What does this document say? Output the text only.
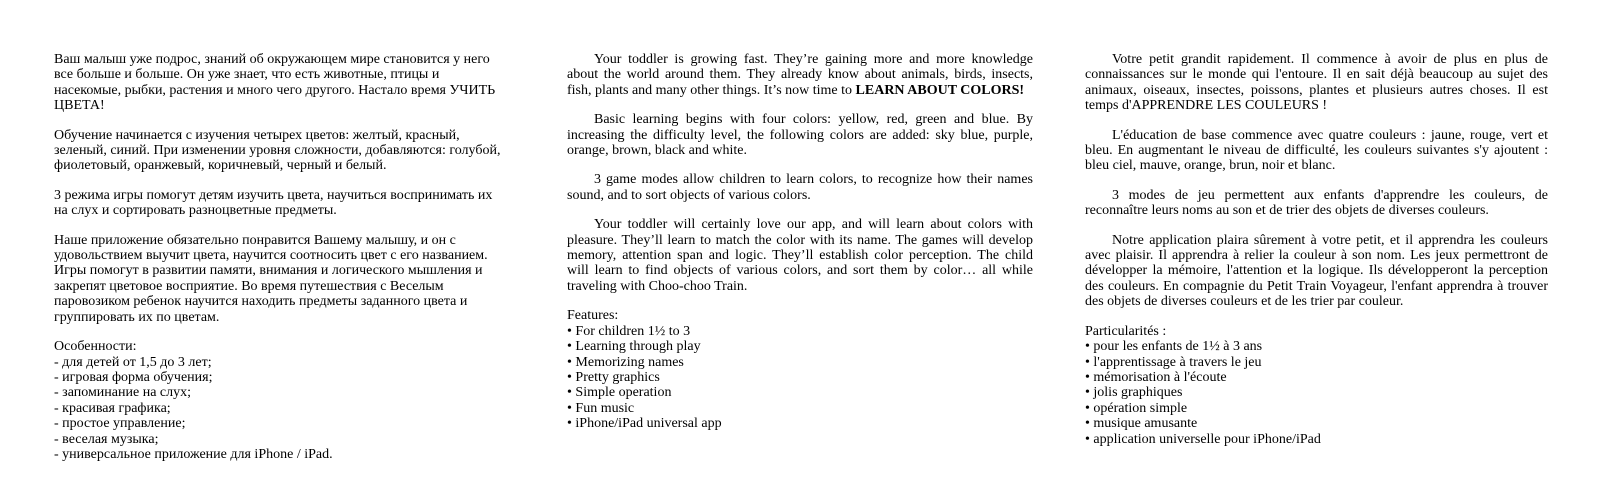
Ваш малыш уже подрос, знаний об окружающем мире становится у него все больше и больше. Он уже знает, что есть животные, птицы и насекомые, рыбки, растения и много чего другого. Настало время УЧИТЬ ЦВЕТА!

Обучение начинается с изучения четырех цветов: желтый, красный, зеленый, синий. При изменении уровня сложности, добавляются: голубой, фиолетовый, оранжевый, коричневый, черный и белый.

3 режима игры помогут детям изучить цвета, научиться воспринимать их на слух и сортировать разноцветные предметы.

Наше приложение обязательно понравится Вашему малышу, и он с удовольствием выучит цвета, научится соотносить цвет с его названием. Игры помогут в развитии памяти, внимания и логического мышления и закрепят цветовое восприятие. Во время путешествия с Веселым паровозиком ребенок научится находить предметы заданного цвета и группировать их по цветам.

Особенности:
- для детей от 1,5 до 3 лет;
- игровая форма обучения;
- запоминание на слух;
- красивая графика;
- простое управление;
- веселая музыка;
- универсальное приложение для iPhone / iPad.

Your toddler is growing fast. They’re gaining more and more knowledge about the world around them. They already know about animals, birds, insects, fish, plants and many other things. It’s now time to LEARN ABOUT COLORS!

Basic learning begins with four colors: yellow, red, green and blue. By increasing the difficulty level, the following colors are added: sky blue, purple, orange, brown, black and white.

3 game modes allow children to learn colors, to recognize how their names sound, and to sort objects of various colors.

Your toddler will certainly love our app, and will learn about colors with pleasure. They’ll learn to match the color with its name. The games will develop memory, attention span and logic. They’ll establish color perception. The child will learn to find objects of various colors, and sort them by color… all while traveling with Choo-choo Train.

Features:
• For children 1½ to 3
• Learning through play
• Memorizing names
• Pretty graphics
• Simple operation
• Fun music
• iPhone/iPad universal app

Votre petit grandit rapidement. Il commence à avoir de plus en plus de connaissances sur le monde qui l'entoure. Il en sait déjà beaucoup au sujet des animaux, oiseaux, insectes, poissons, plantes et plusieurs autres choses. Il est temps d'APPRENDRE LES COULEURS !

L'éducation de base commence avec quatre couleurs : jaune, rouge, vert et bleu. En augmentant le niveau de difficulté, les couleurs suivantes s'y ajoutent : bleu ciel, mauve, orange, brun, noir et blanc.

3 modes de jeu permettent aux enfants d'apprendre les couleurs, de reconnaître leurs noms au son et de trier des objets de diverses couleurs.

Notre application plaira sûrement à votre petit, et il apprendra les couleurs avec plaisir. Il apprendra à relier la couleur à son nom. Les jeux permettront de développer la mémoire, l'attention et la logique. Ils développeront la perception des couleurs. En compagnie du Petit Train Voyageur, l'enfant apprendra à trouver des objets de diverses couleurs et de les trier par couleur.

Particularités :
• pour les enfants de 1½ à 3 ans
• l'apprentissage à travers le jeu
• mémorisation à l'écoute
• jolis graphiques
• opération simple
• musique amusante
• application universelle pour iPhone/iPad
